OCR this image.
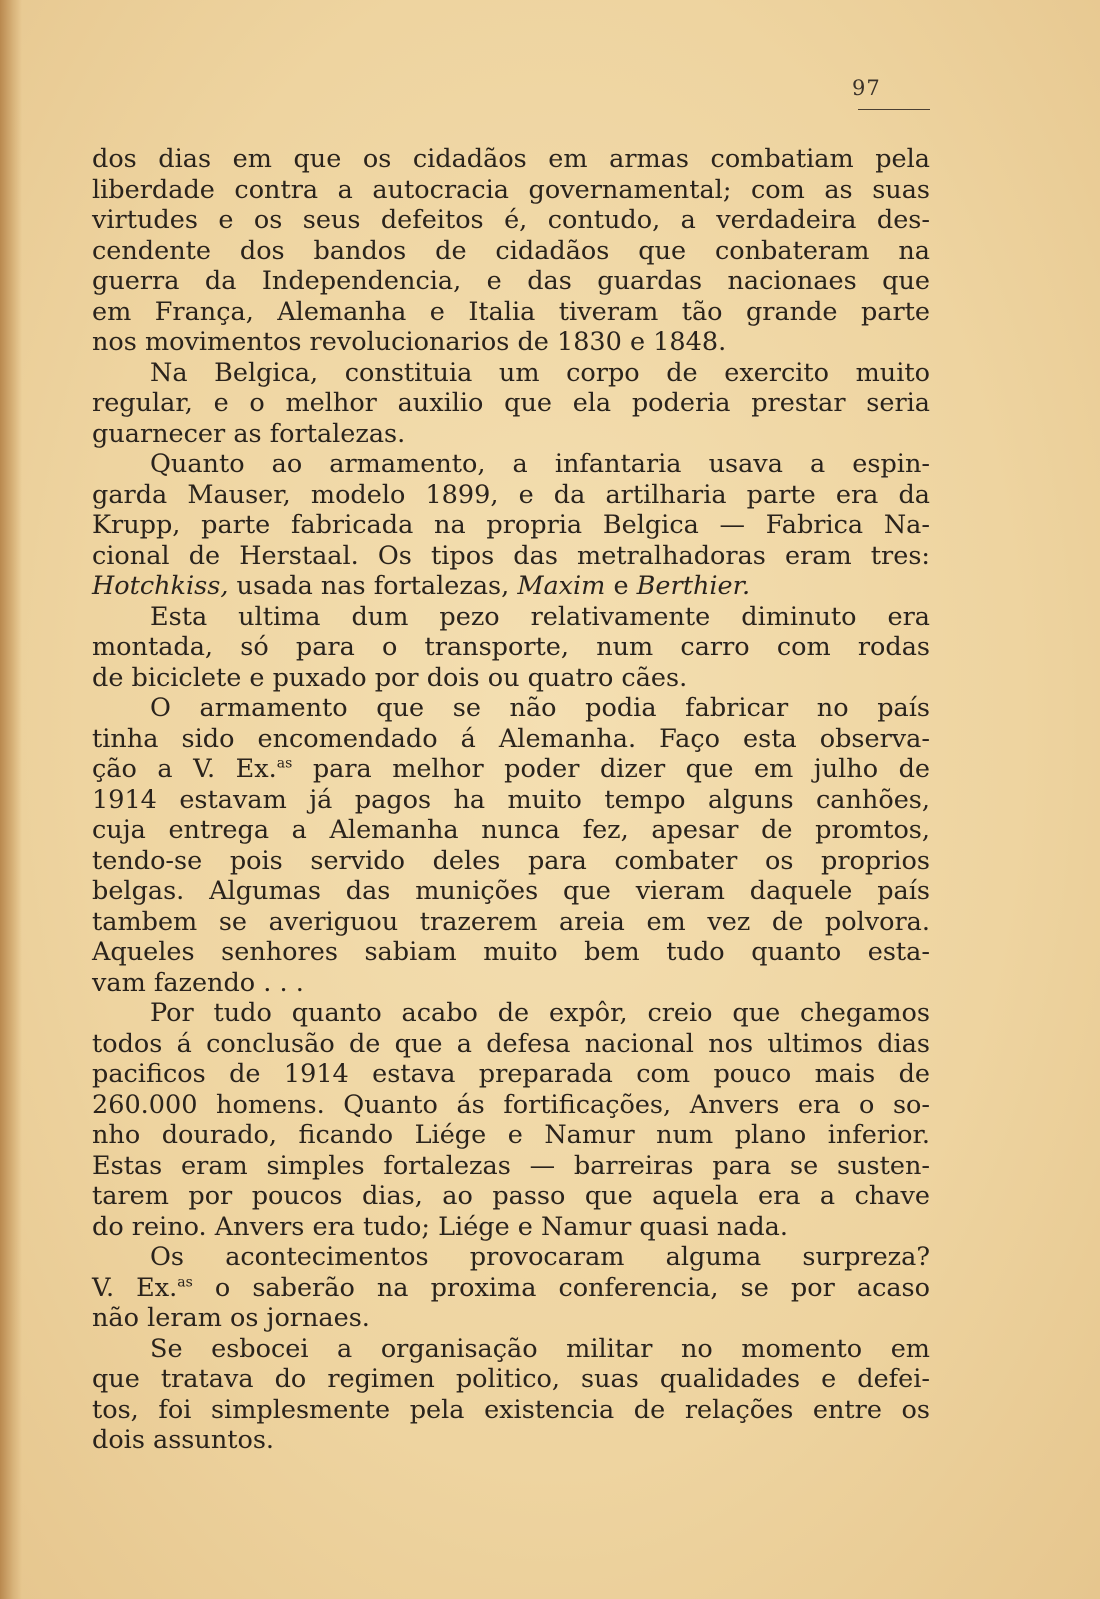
97
dos dias em que os cidadãos em armas combatiam pela
liberdade contra a autocracia governamental; com as suas
virtudes e os seus defeitos é, contudo, a verdadeira des-
cendente dos bandos de cidadãos que conbateram na
guerra da Independencia, e das guardas nacionaes que
em França, Alemanha e Italia tiveram tão grande parte
nos movimentos revolucionarios de 1830 e 1848.
Na Belgica, constituia um corpo de exercito muito
regular, e o melhor auxilio que ela poderia prestar seria
guarnecer as fortalezas.
Quanto ao armamento, a infantaria usava a espin-
garda Mauser, modelo 1899, e da artilharia parte era da
Krupp, parte fabricada na propria Belgica — Fabrica Na-
cional de Herstaal. Os tipos das metralhadoras eram tres:
Hotchkiss, usada nas fortalezas, Maxim e Berthier.
Esta ultima dum pezo relativamente diminuto era
montada, só para o transporte, num carro com rodas
de biciclete e puxado por dois ou quatro cães.
O armamento que se não podia fabricar no país
tinha sido encomendado á Alemanha. Faço esta observa-
ção a V. Ex.$^{as}$ para melhor poder dizer que em julho de
1914 estavam já pagos ha muito tempo alguns canhões,
cuja entrega a Alemanha nunca fez, apesar de promtos,
tendo-se pois servido deles para combater os proprios
belgas. Algumas das munições que vieram daquele país
tambem se averiguou trazerem areia em vez de polvora.
Aqueles senhores sabiam muito bem tudo quanto esta-
vam fazendo . . .
Por tudo quanto acabo de expôr, creio que chegamos
todos á conclusão de que a defesa nacional nos ultimos dias
pacificos de 1914 estava preparada com pouco mais de
260.000 homens. Quanto ás fortificações, Anvers era o so-
nho dourado, ficando Liége e Namur num plano inferior.
Estas eram simples fortalezas — barreiras para se susten-
tarem por poucos dias, ao passo que aquela era a chave
do reino. Anvers era tudo; Liége e Namur quasi nada.
Os acontecimentos provocaram alguma surpreza?
V. Ex.$^{as}$ o saberão na proxima conferencia, se por acaso
não leram os jornaes.
Se esbocei a organisação militar no momento em
que tratava do regimen politico, suas qualidades e defei-
tos, foi simplesmente pela existencia de relações entre os
dois assuntos.
